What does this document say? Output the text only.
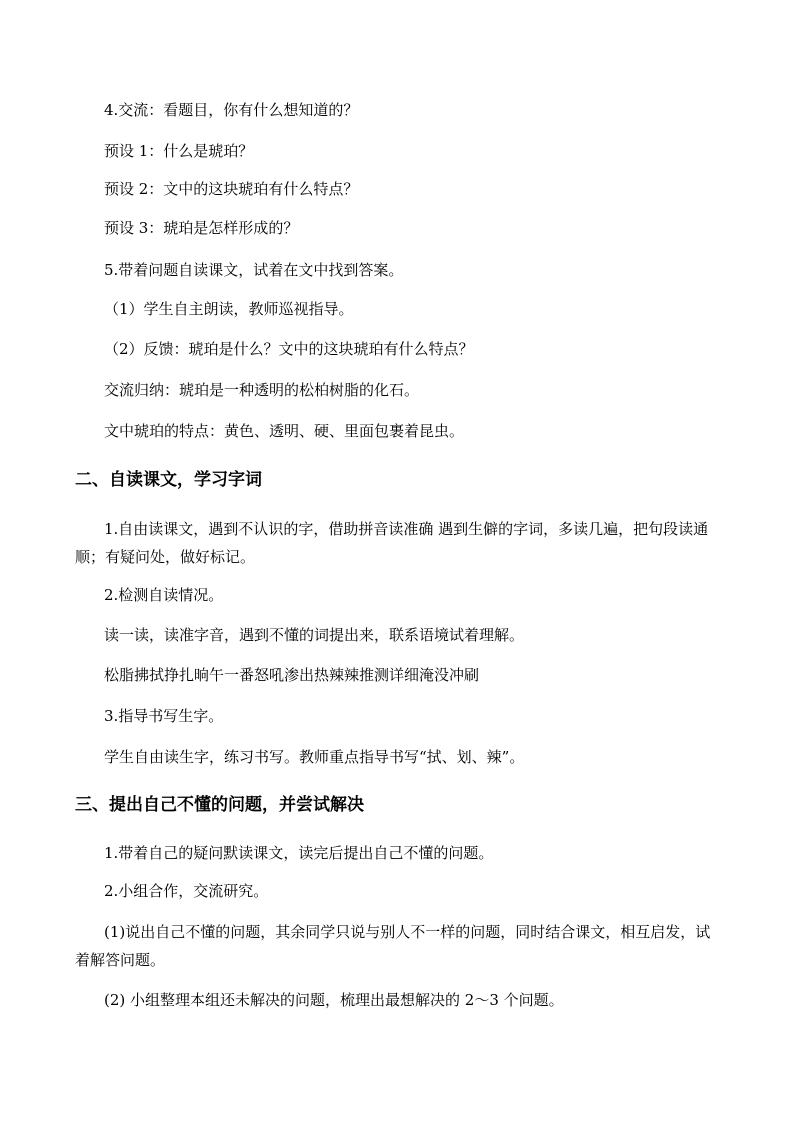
4.交流：看题目，你有什么想知道的？
预设 1：什么是琥珀？
预设 2：文中的这块琥珀有什么特点？
预设 3：琥珀是怎样形成的？
5.带着问题自读课文，试着在文中找到答案。
（1）学生自主朗读，教师巡视指导。
（2）反馈：琥珀是什么？文中的这块琥珀有什么特点？
交流归纳：琥珀是一种透明的松柏树脂的化石。
文中琥珀的特点：黄色、透明、硬、里面包裹着昆虫。
二、自读课文，学习字词
1.自由读课文，遇到不认识的字，借助拼音读准确 遇到生僻的字词，多读几遍，把句段读通顺；有疑问处，做好标记。
2.检测自读情况。
读一读，读准字音，遇到不懂的词提出来，联系语境试着理解。
松脂拂拭挣扎晌午一番怒吼渗出热辣辣推测详细淹没冲刷
3.指导书写生字。
学生自由读生字，练习书写。教师重点指导书写“拭、划、辣”。
三、提出自己不懂的问题，并尝试解决
1.带着自己的疑问默读课文，读完后提出自己不懂的问题。
2.小组合作，交流研究。
(1)说出自己不懂的问题，其余同学只说与别人不一样的问题，同时结合课文，相互启发，试着解答问题。
(2) 小组整理本组还未解决的问题，梳理出最想解决的 2～3 个问题。
